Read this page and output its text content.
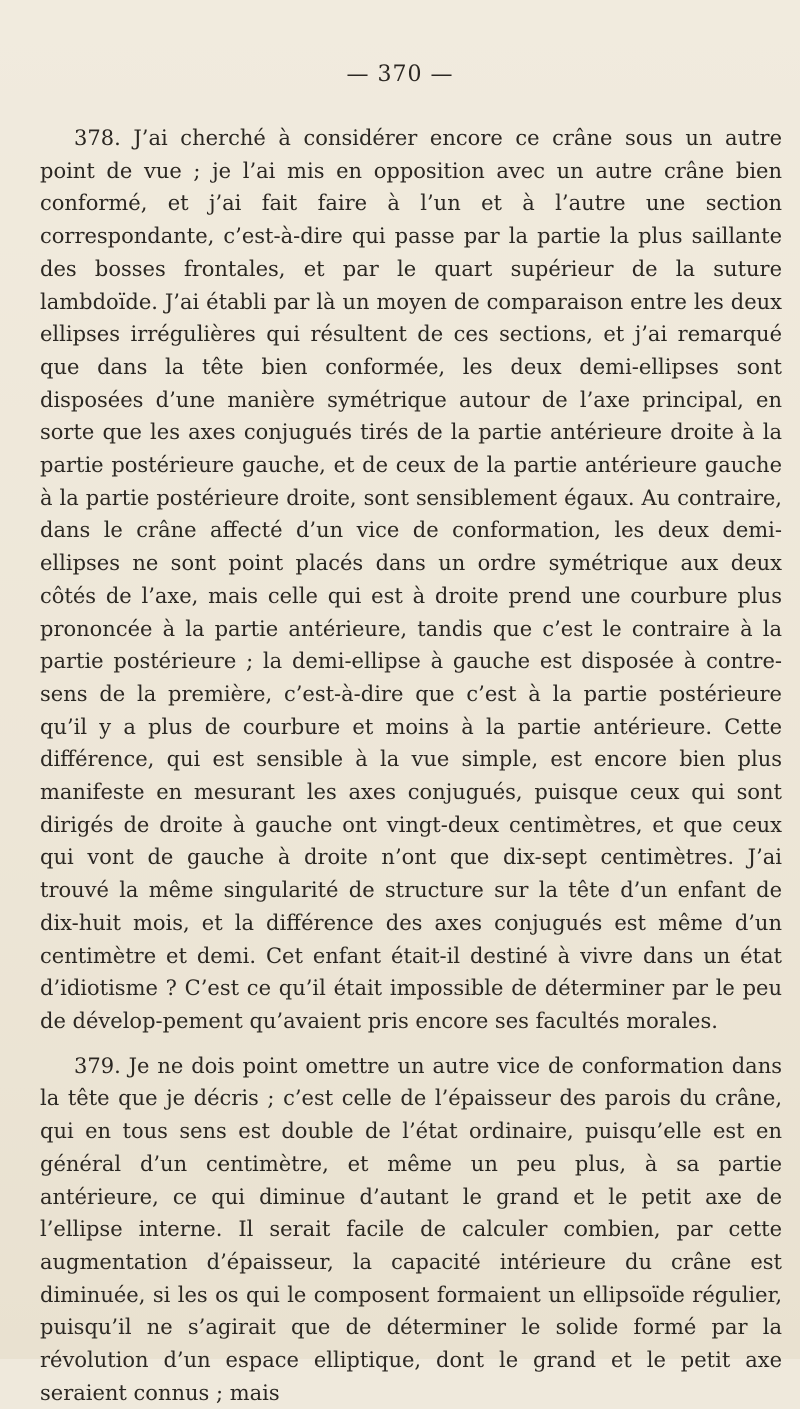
— 370 —

378. J’ai cherché à considérer encore ce crâne sous un autre point de vue ; je l’ai mis en opposition avec un autre crâne bien conformé, et j’ai fait faire à l’un et à l’autre une section correspondante, c’est-à-dire qui passe par la partie la plus saillante des bosses frontales, et par le quart supérieur de la suture lambdoïde. J’ai établi par là un moyen de comparaison entre les deux ellipses irrégulières qui résultent de ces sections, et j’ai remarqué que dans la tête bien conformée, les deux demi-ellipses sont disposées d’une manière symétrique autour de l’axe principal, en sorte que les axes conjugués tirés de la partie antérieure droite à la partie postérieure gauche, et de ceux de la partie antérieure gauche à la partie postérieure droite, sont sensiblement égaux. Au contraire, dans le crâne affecté d’un vice de conformation, les deux demi-ellipses ne sont point placés dans un ordre symétrique aux deux côtés de l’axe, mais celle qui est à droite prend une courbure plus prononcée à la partie antérieure, tandis que c’est le contraire à la partie postérieure ; la demi-ellipse à gauche est disposée à contre-sens de la première, c’est-à-dire que c’est à la partie postérieure qu’il y a plus de courbure et moins à la partie antérieure. Cette différence, qui est sensible à la vue simple, est encore bien plus manifeste en mesurant les axes conjugués, puisque ceux qui sont dirigés de droite à gauche ont vingt-deux centimètres, et que ceux qui vont de gauche à droite n’ont que dix-sept centimètres. J’ai trouvé la même singularité de structure sur la tête d’un enfant de dix-huit mois, et la différence des axes conjugués est même d’un centimètre et demi. Cet enfant était-il destiné à vivre dans un état d’idiotisme ? C’est ce qu’il était impossible de déterminer par le peu de dévelop-pement qu’avaient pris encore ses facultés morales.

379. Je ne dois point omettre un autre vice de conformation dans la tête que je décris ; c’est celle de l’épaisseur des parois du crâne, qui en tous sens est double de l’état ordinaire, puisqu’elle est en général d’un centimètre, et même un peu plus, à sa partie antérieure, ce qui diminue d’autant le grand et le petit axe de l’ellipse interne. Il serait facile de calculer combien, par cette augmentation d’épaisseur, la capacité intérieure du crâne est diminuée, si les os qui le composent formaient un ellipsoïde régulier, puisqu’il ne s’agirait que de déterminer le solide formé par la révolution d’un espace elliptique, dont le grand et le petit axe seraient connus ; mais
